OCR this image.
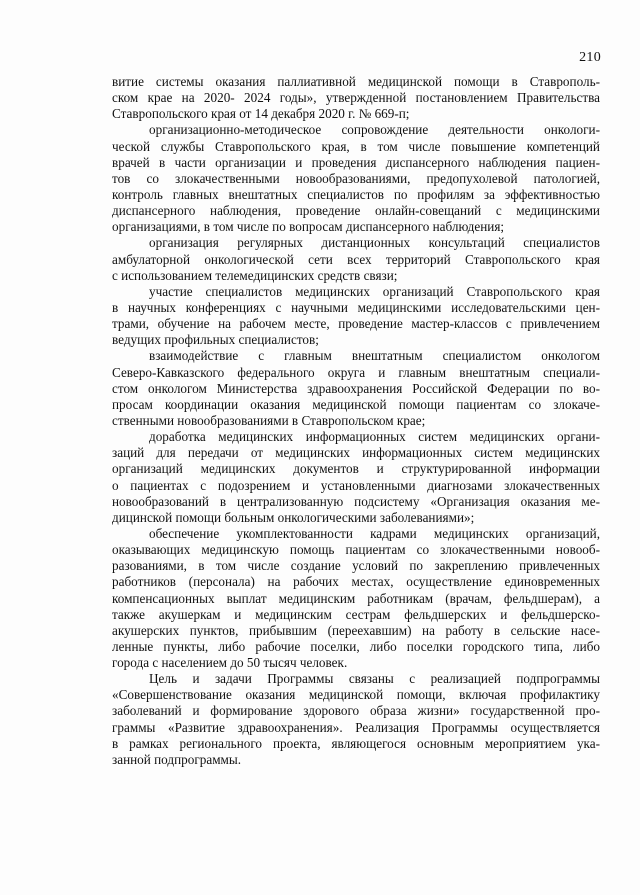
210
витие системы оказания паллиативной медицинской помощи в Ставрополь-
ском крае на 2020- 2024 годы», утвержденной постановлением Правительства
Ставропольского края от 14 декабря 2020 г. № 669-п;
организационно-методическое сопровождение деятельности онкологи-
ческой службы Ставропольского края, в том числе повышение компетенций
врачей в части организации и проведения диспансерного наблюдения пациен-
тов со злокачественными новообразованиями, предопухолевой патологией,
контроль главных внештатных специалистов по профилям за эффективностью
диспансерного наблюдения, проведение онлайн-совещаний с медицинскими
организациями, в том числе по вопросам диспансерного наблюдения;
организация регулярных дистанционных консультаций специалистов
амбулаторной онкологической сети всех территорий Ставропольского края
с использованием телемедицинских средств связи;
участие специалистов медицинских организаций Ставропольского края
в научных конференциях с научными медицинскими исследовательскими цен-
трами, обучение на рабочем месте, проведение мастер-классов с привлечением
ведущих профильных специалистов;
взаимодействие с главным внештатным специалистом онкологом
Северо-Кавказского федерального округа и главным внештатным специали-
стом онкологом Министерства здравоохранения Российской Федерации по во-
просам координации оказания медицинской помощи пациентам со злокаче-
ственными новообразованиями в Ставропольском крае;
доработка медицинских информационных систем медицинских органи-
заций для передачи от медицинских информационных систем медицинских
организаций медицинских документов и структурированной информации
о пациентах с подозрением и установленными диагнозами злокачественных
новообразований в централизованную подсистему «Организация оказания ме-
дицинской помощи больным онкологическими заболеваниями»;
обеспечение укомплектованности кадрами медицинских организаций,
оказывающих медицинскую помощь пациентам со злокачественными новооб-
разованиями, в том числе создание условий по закреплению привлеченных
работников (персонала) на рабочих местах, осуществление единовременных
компенсационных выплат медицинским работникам (врачам, фельдшерам), а
также акушеркам и медицинским сестрам фельдшерских и фельдшерско-
акушерских пунктов, прибывшим (переехавшим) на работу в сельские насе-
ленные пункты, либо рабочие поселки, либо поселки городского типа, либо
города с населением до 50 тысяч человек.
Цель и задачи Программы связаны с реализацией подпрограммы
«Совершенствование оказания медицинской помощи, включая профилактику
заболеваний и формирование здорового образа жизни» государственной про-
граммы «Развитие здравоохранения». Реализация Программы осуществляется
в рамках регионального проекта, являющегося основным мероприятием ука-
занной подпрограммы.
